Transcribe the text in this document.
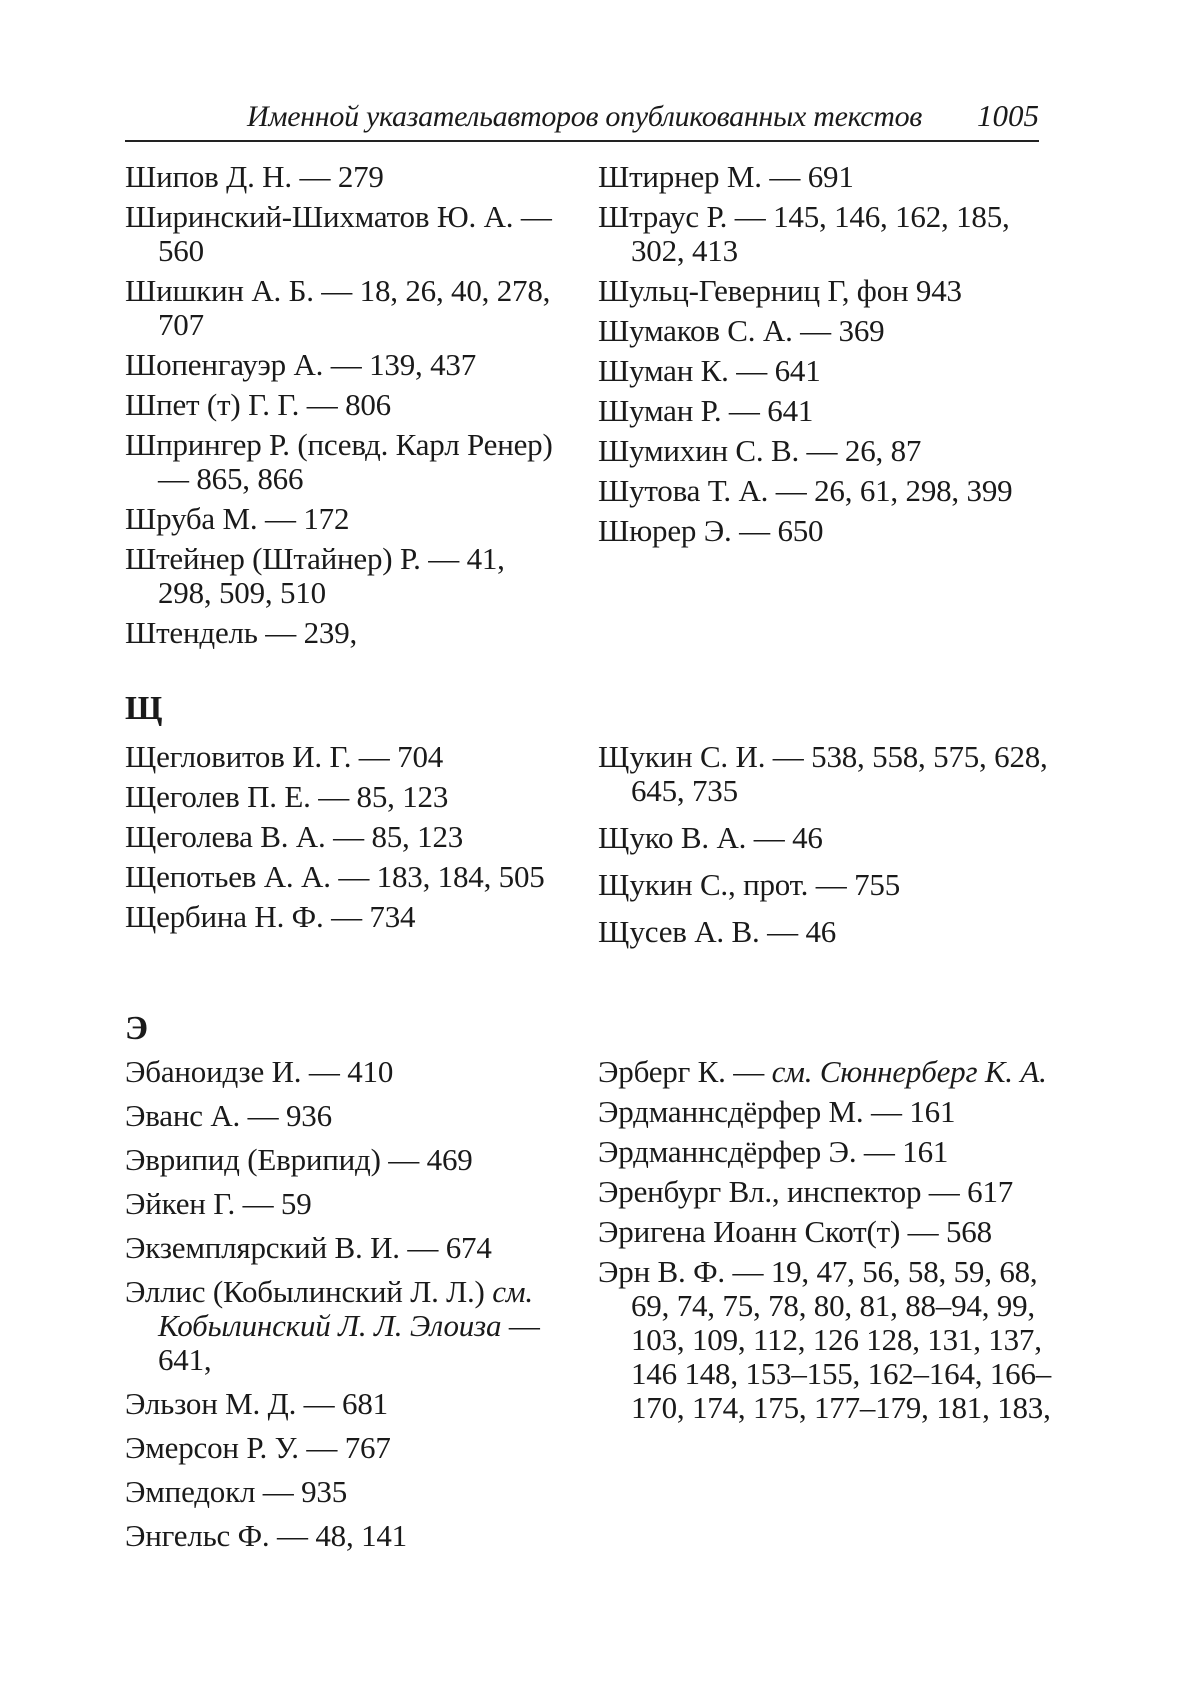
Именной указательавторов опубликованных текстов	1005
Шипов Д. Н. — 279
Ширинский-Шихматов Ю. А. — 560
Шишкин А. Б. — 18, 26, 40, 278, 707
Шопенгауэр А. — 139, 437
Шпет (т) Г. Г. — 806
Шпрингер Р. (псевд. Карл Ренер) — 865, 866
Шруба М. — 172
Штейнер (Штайнер) Р. — 41, 298, 509, 510
Штендель — 239,
Штирнер М. — 691
Штраус Р. — 145, 146, 162, 185, 302, 413
Шульц-Геверниц Г, фон 943
Шумаков С. А. — 369
Шуман К. — 641
Шуман Р. — 641
Шумихин С. В. — 26, 87
Шутова Т. А. — 26, 61, 298, 399
Шюрер Э. — 650
Щ
Щегловитов И. Г. — 704
Щеголев П. Е. — 85, 123
Щеголева В. А. — 85, 123
Щепотьев А. А. — 183, 184, 505
Щербина Н. Ф. — 734
Щукин С. И. — 538, 558, 575, 628, 645, 735
Щуко В. А. — 46
Щукин С., прот. — 755
Щусев А. В. — 46
Э
Эбаноидзе И. — 410
Эванс А. — 936
Эврипид (Еврипид) — 469
Эйкен Г. — 59
Экземплярский В. И. — 674
Эллис (Кобылинский Л. Л.) см. Кобылинский Л. Л. Элоиза — 641,
Эльзон М. Д. — 681
Эмерсон Р. У. — 767
Эмпедокл — 935
Энгельс Ф. — 48, 141
Эрберг К. — см. Сюннерберг К. А.
Эрдманнсдёрфер М. — 161
Эрдманнсдёрфер Э. — 161
Эренбург Вл., инспектор — 617
Эригена Иоанн Скот(т) — 568
Эрн В. Ф. — 19, 47, 56, 58, 59, 68, 69, 74, 75, 78, 80, 81, 88–94, 99, 103, 109, 112, 126 128, 131, 137, 146 148, 153–155, 162–164, 166–170, 174, 175, 177–179, 181, 183,
